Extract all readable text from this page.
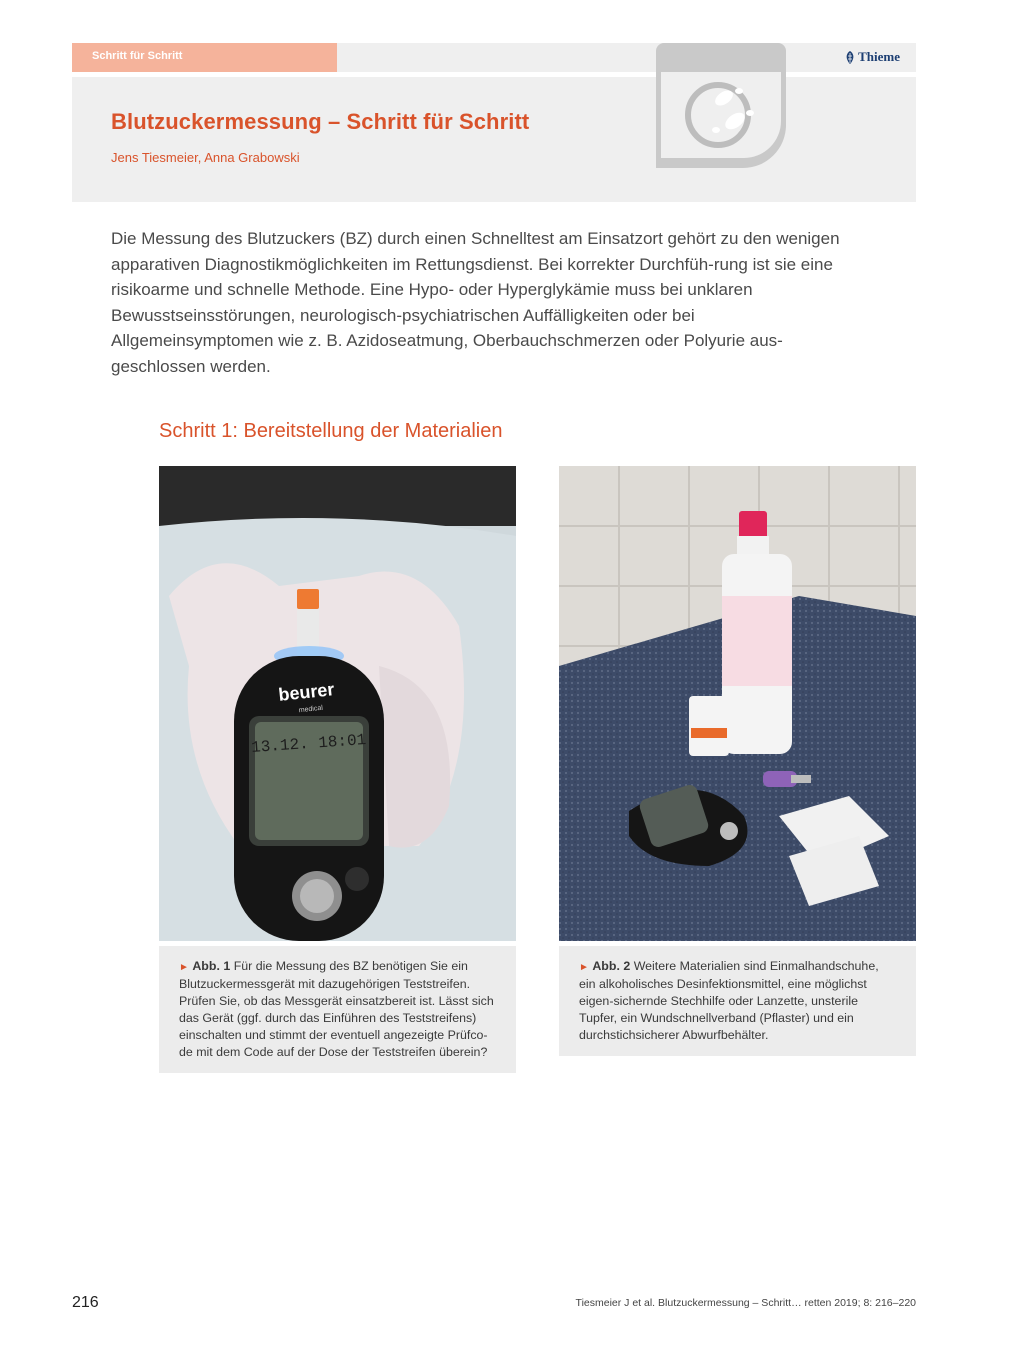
Schritt für Schritt	Thieme
Blutzuckermessung – Schritt für Schritt
Jens Tiesmeier, Anna Grabowski

Die Messung des Blutzuckers (BZ) durch einen Schnelltest am Einsatzort gehört zu den wenigen apparativen Diagnostikmöglichkeiten im Rettungsdienst. Bei korrekter Durchfüh-rung ist sie eine risikoarme und schnelle Methode. Eine Hypo- oder Hyperglykämie muss bei unklaren Bewusstseinsstörungen, neurologisch-psychiatrischen Auffälligkeiten oder bei Allgemeinsymptomen wie z. B. Azidoseatmung, Oberbauchschmerzen oder Polyurie aus-geschlossen werden.

Schritt 1: Bereitstellung der Materialien
beurer
medical
13.12. 18:01
► Abb. 1 Für die Messung des BZ benötigen Sie ein Blutzuckermessgerät mit dazugehörigen Teststreifen. Prüfen Sie, ob das Messgerät einsatzbereit ist. Lässt sich das Gerät (ggf. durch das Einführen des Teststreifens) einschalten und stimmt der eventuell angezeigte Prüfco-de mit dem Code auf der Dose der Teststreifen überein?
► Abb. 2 Weitere Materialien sind Einmalhandschuhe, ein alkoholisches Desinfektionsmittel, eine möglichst eigen-sichernde Stechhilfe oder Lanzette, unsterile Tupfer, ein Wundschnellverband (Pflaster) und ein durchstichsicherer Abwurfbehälter.
216	Tiesmeier J et al. Blutzuckermessung – Schritt… retten 2019; 8: 216–220
